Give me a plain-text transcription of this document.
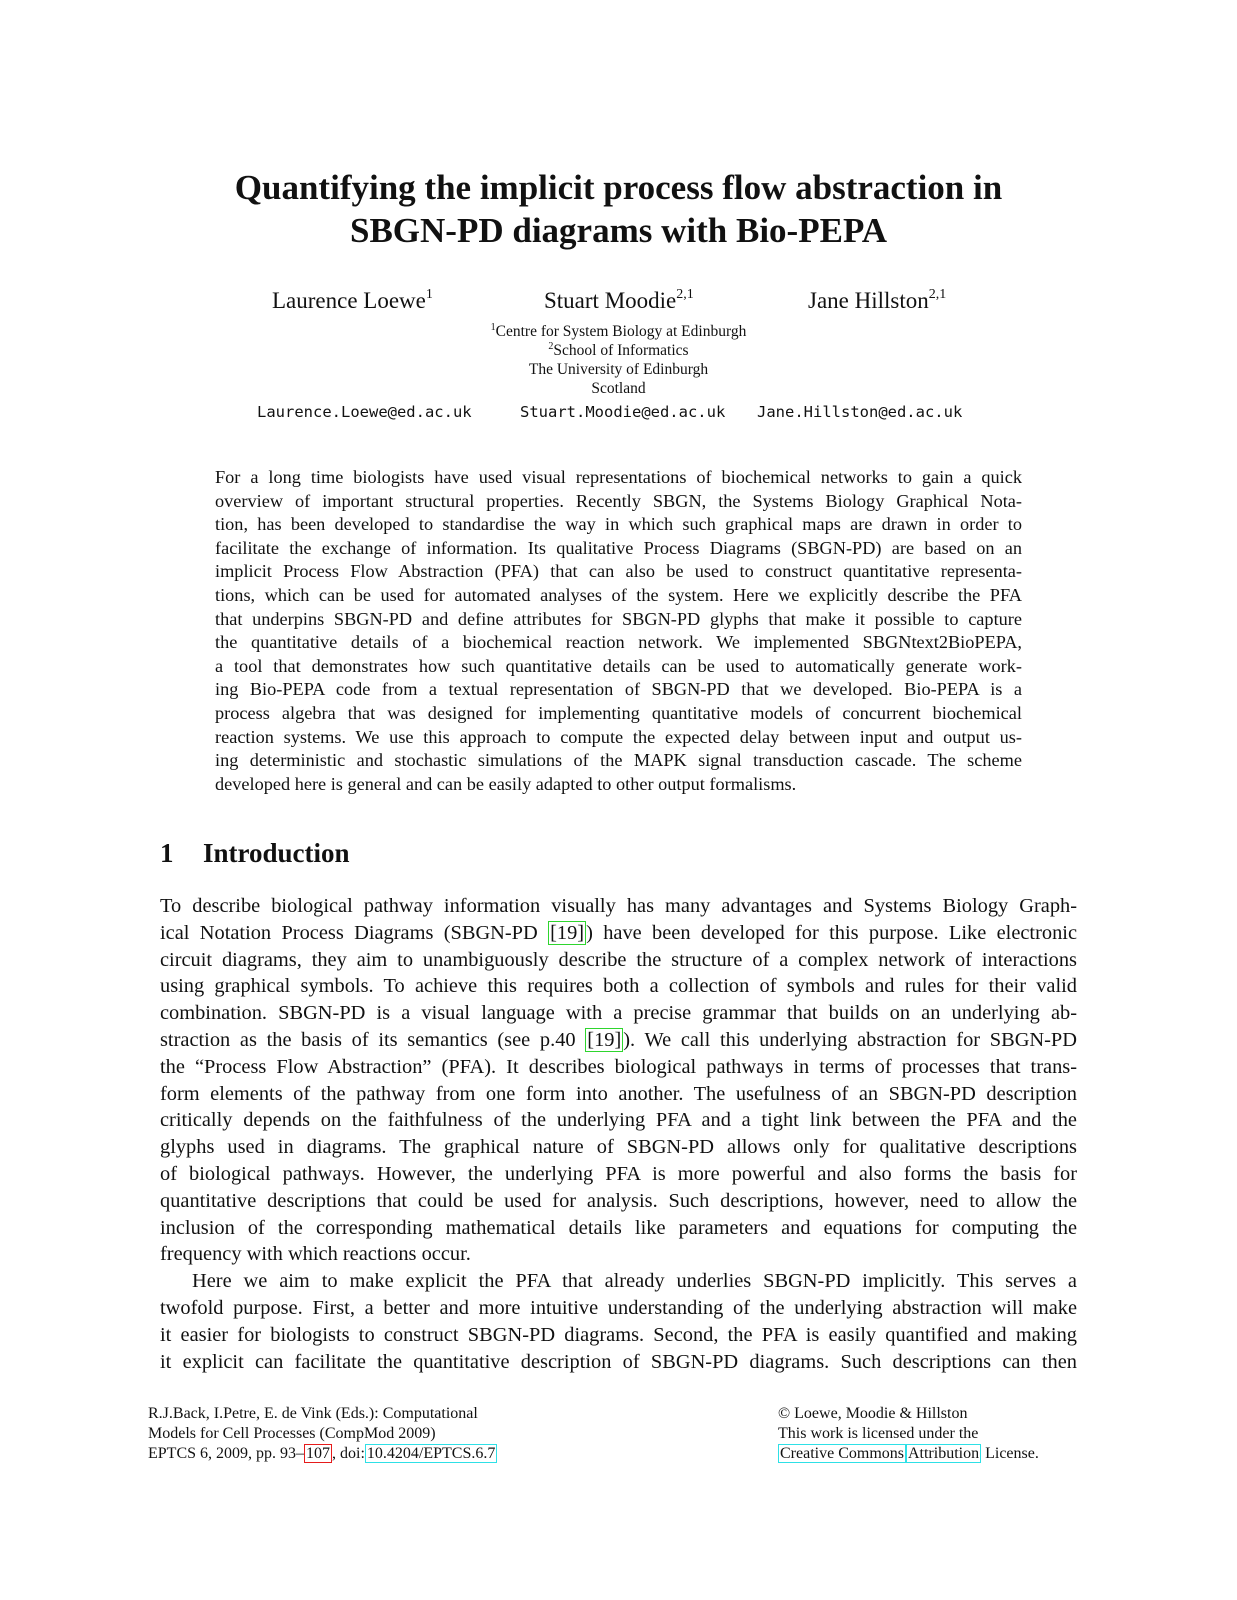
Quantifying the implicit process flow abstraction in
SBGN-PD diagrams with Bio-PEPA
Laurence Loewe$^1$	Stuart Moodie$^{2,1}$	Jane Hillston$^{2,1}$
$^1$Centre for System Biology at Edinburgh
$^2$School of Informatics
The University of Edinburgh
Scotland
Laurence.Loewe@ed.ac.uk	Stuart.Moodie@ed.ac.uk Jane.Hillston@ed.ac.uk
For a long time biologists have used visual representations of biochemical networks to gain a quick
overview of important structural properties. Recently SBGN, the Systems Biology Graphical Nota-
tion, has been developed to standardise the way in which such graphical maps are drawn in order to
facilitate the exchange of information. Its qualitative Process Diagrams (SBGN-PD) are based on an
implicit Process Flow Abstraction (PFA) that can also be used to construct quantitative representa-
tions, which can be used for automated analyses of the system. Here we explicitly describe the PFA
that underpins SBGN-PD and define attributes for SBGN-PD glyphs that make it possible to capture
the quantitative details of a biochemical reaction network. We implemented SBGNtext2BioPEPA,
a tool that demonstrates how such quantitative details can be used to automatically generate work-
ing Bio-PEPA code from a textual representation of SBGN-PD that we developed. Bio-PEPA is a
process algebra that was designed for implementing quantitative models of concurrent biochemical
reaction systems. We use this approach to compute the expected delay between input and output us-
ing deterministic and stochastic simulations of the MAPK signal transduction cascade. The scheme
developed here is general and can be easily adapted to other output formalisms.
1 Introduction
To describe biological pathway information visually has many advantages and Systems Biology Graph-
ical Notation Process Diagrams (SBGN-PD [19]) have been developed for this purpose. Like electronic
circuit diagrams, they aim to unambiguously describe the structure of a complex network of interactions
using graphical symbols. To achieve this requires both a collection of symbols and rules for their valid
combination. SBGN-PD is a visual language with a precise grammar that builds on an underlying ab-
straction as the basis of its semantics (see p.40 [19]). We call this underlying abstraction for SBGN-PD
the “Process Flow Abstraction” (PFA). It describes biological pathways in terms of processes that trans-
form elements of the pathway from one form into another. The usefulness of an SBGN-PD description
critically depends on the faithfulness of the underlying PFA and a tight link between the PFA and the
glyphs used in diagrams. The graphical nature of SBGN-PD allows only for qualitative descriptions
of biological pathways. However, the underlying PFA is more powerful and also forms the basis for
quantitative descriptions that could be used for analysis. Such descriptions, however, need to allow the
inclusion of the corresponding mathematical details like parameters and equations for computing the
frequency with which reactions occur.
Here we aim to make explicit the PFA that already underlies SBGN-PD implicitly. This serves a
twofold purpose. First, a better and more intuitive understanding of the underlying abstraction will make
it easier for biologists to construct SBGN-PD diagrams. Second, the PFA is easily quantified and making
it explicit can facilitate the quantitative description of SBGN-PD diagrams. Such descriptions can then
R.J.Back, I.Petre, E. de Vink (Eds.): Computational
Models for Cell Processes (CompMod 2009)
EPTCS 6, 2009, pp. 93– 107 , doi: 10.4204/EPTCS.6.7
© Loewe, Moodie & Hillston
This work is licensed under the
Creative Commons Attribution License.
